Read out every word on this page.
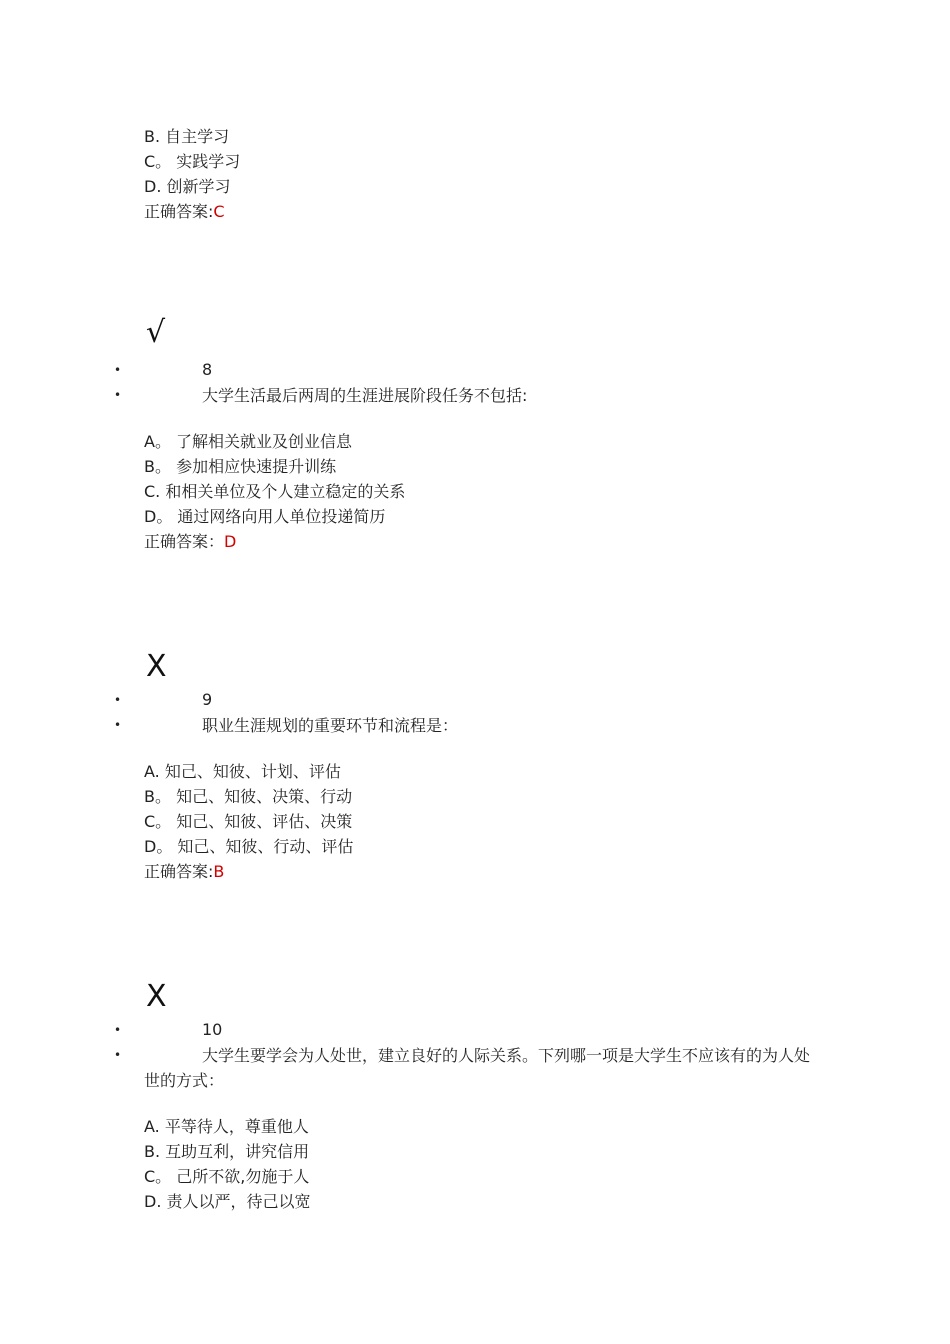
B. 自主学习
C。 实践学习
D. 创新学习
正确答案:C
√
•	8
•	大学生活最后两周的生涯进展阶段任务不包括:
A。 了解相关就业及创业信息
B。 参加相应快速提升训练
C. 和相关单位及个人建立稳定的关系
D。 通过网络向用人单位投递简历
正确答案：D
X
•	9
•	职业生涯规划的重要环节和流程是：
A. 知己、知彼、计划、评估
B。 知己、知彼、决策、行动
C。 知己、知彼、评估、决策
D。 知己、知彼、行动、评估
正确答案:B
X
•	10
•	大学生要学会为人处世，建立良好的人际关系。下列哪一项是大学生不应该有的为人处世的方式：
A. 平等待人，尊重他人
B. 互助互利，讲究信用
C。 己所不欲,勿施于人
D. 责人以严，待己以宽
